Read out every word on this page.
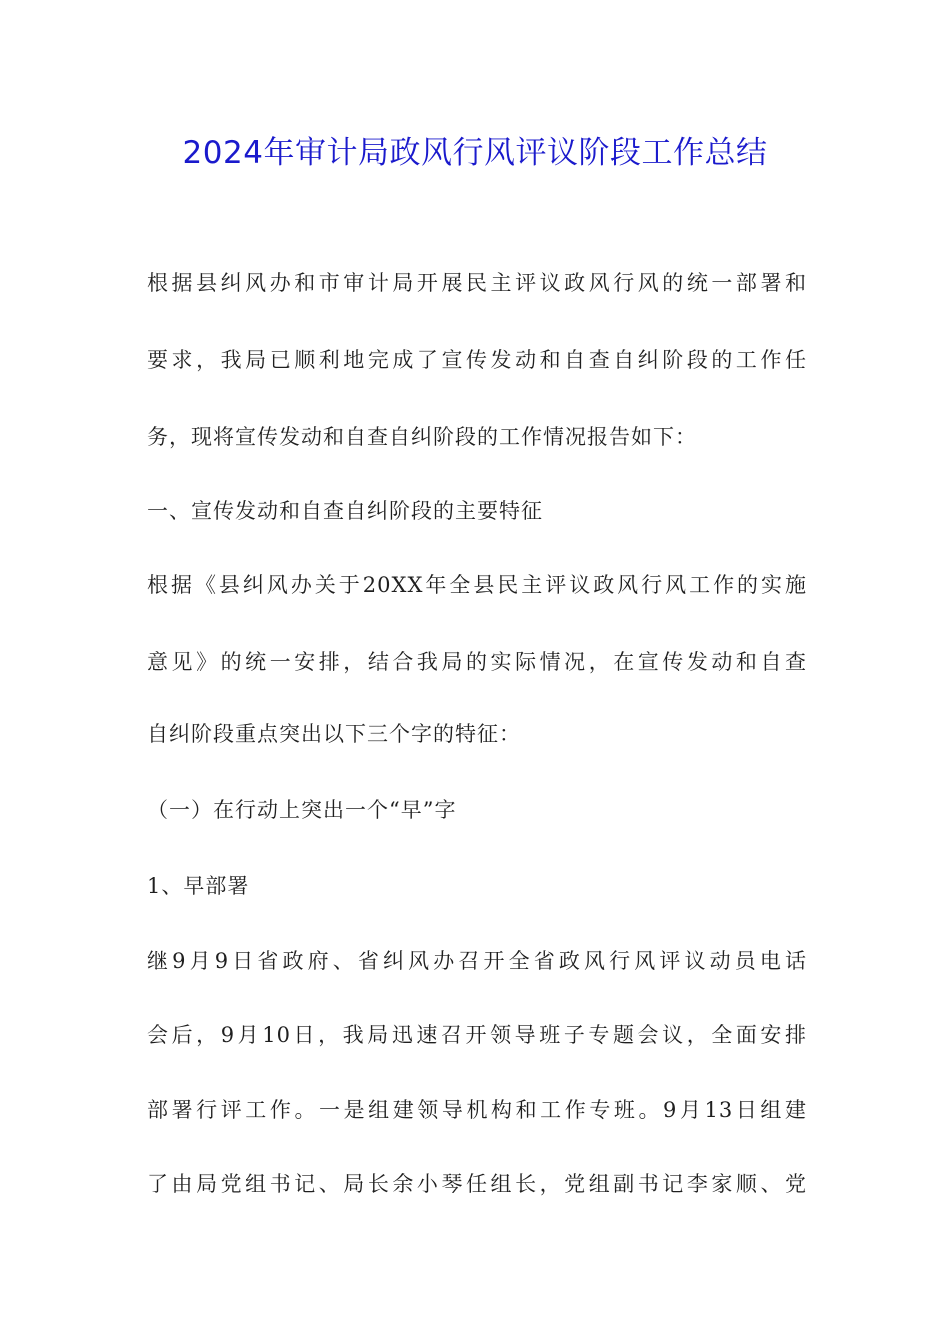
2024年审计局政风行风评议阶段工作总结
根据县纠风办和市审计局开展民主评议政风行风的统一部署和
要求，我局已顺利地完成了宣传发动和自查自纠阶段的工作任
务，现将宣传发动和自查自纠阶段的工作情况报告如下：
一、宣传发动和自查自纠阶段的主要特征
根据《县纠风办关于20XX年全县民主评议政风行风工作的实施
意见》的统一安排，结合我局的实际情况，在宣传发动和自查
自纠阶段重点突出以下三个字的特征：
（一）在行动上突出一个“早”字
1、早部署
继9月9日省政府、省纠风办召开全省政风行风评议动员电话
会后，9月10日，我局迅速召开领导班子专题会议，全面安排
部署行评工作。一是组建领导机构和工作专班。9月13日组建
了由局党组书记、局长余小琴任组长，党组副书记李家顺、党
